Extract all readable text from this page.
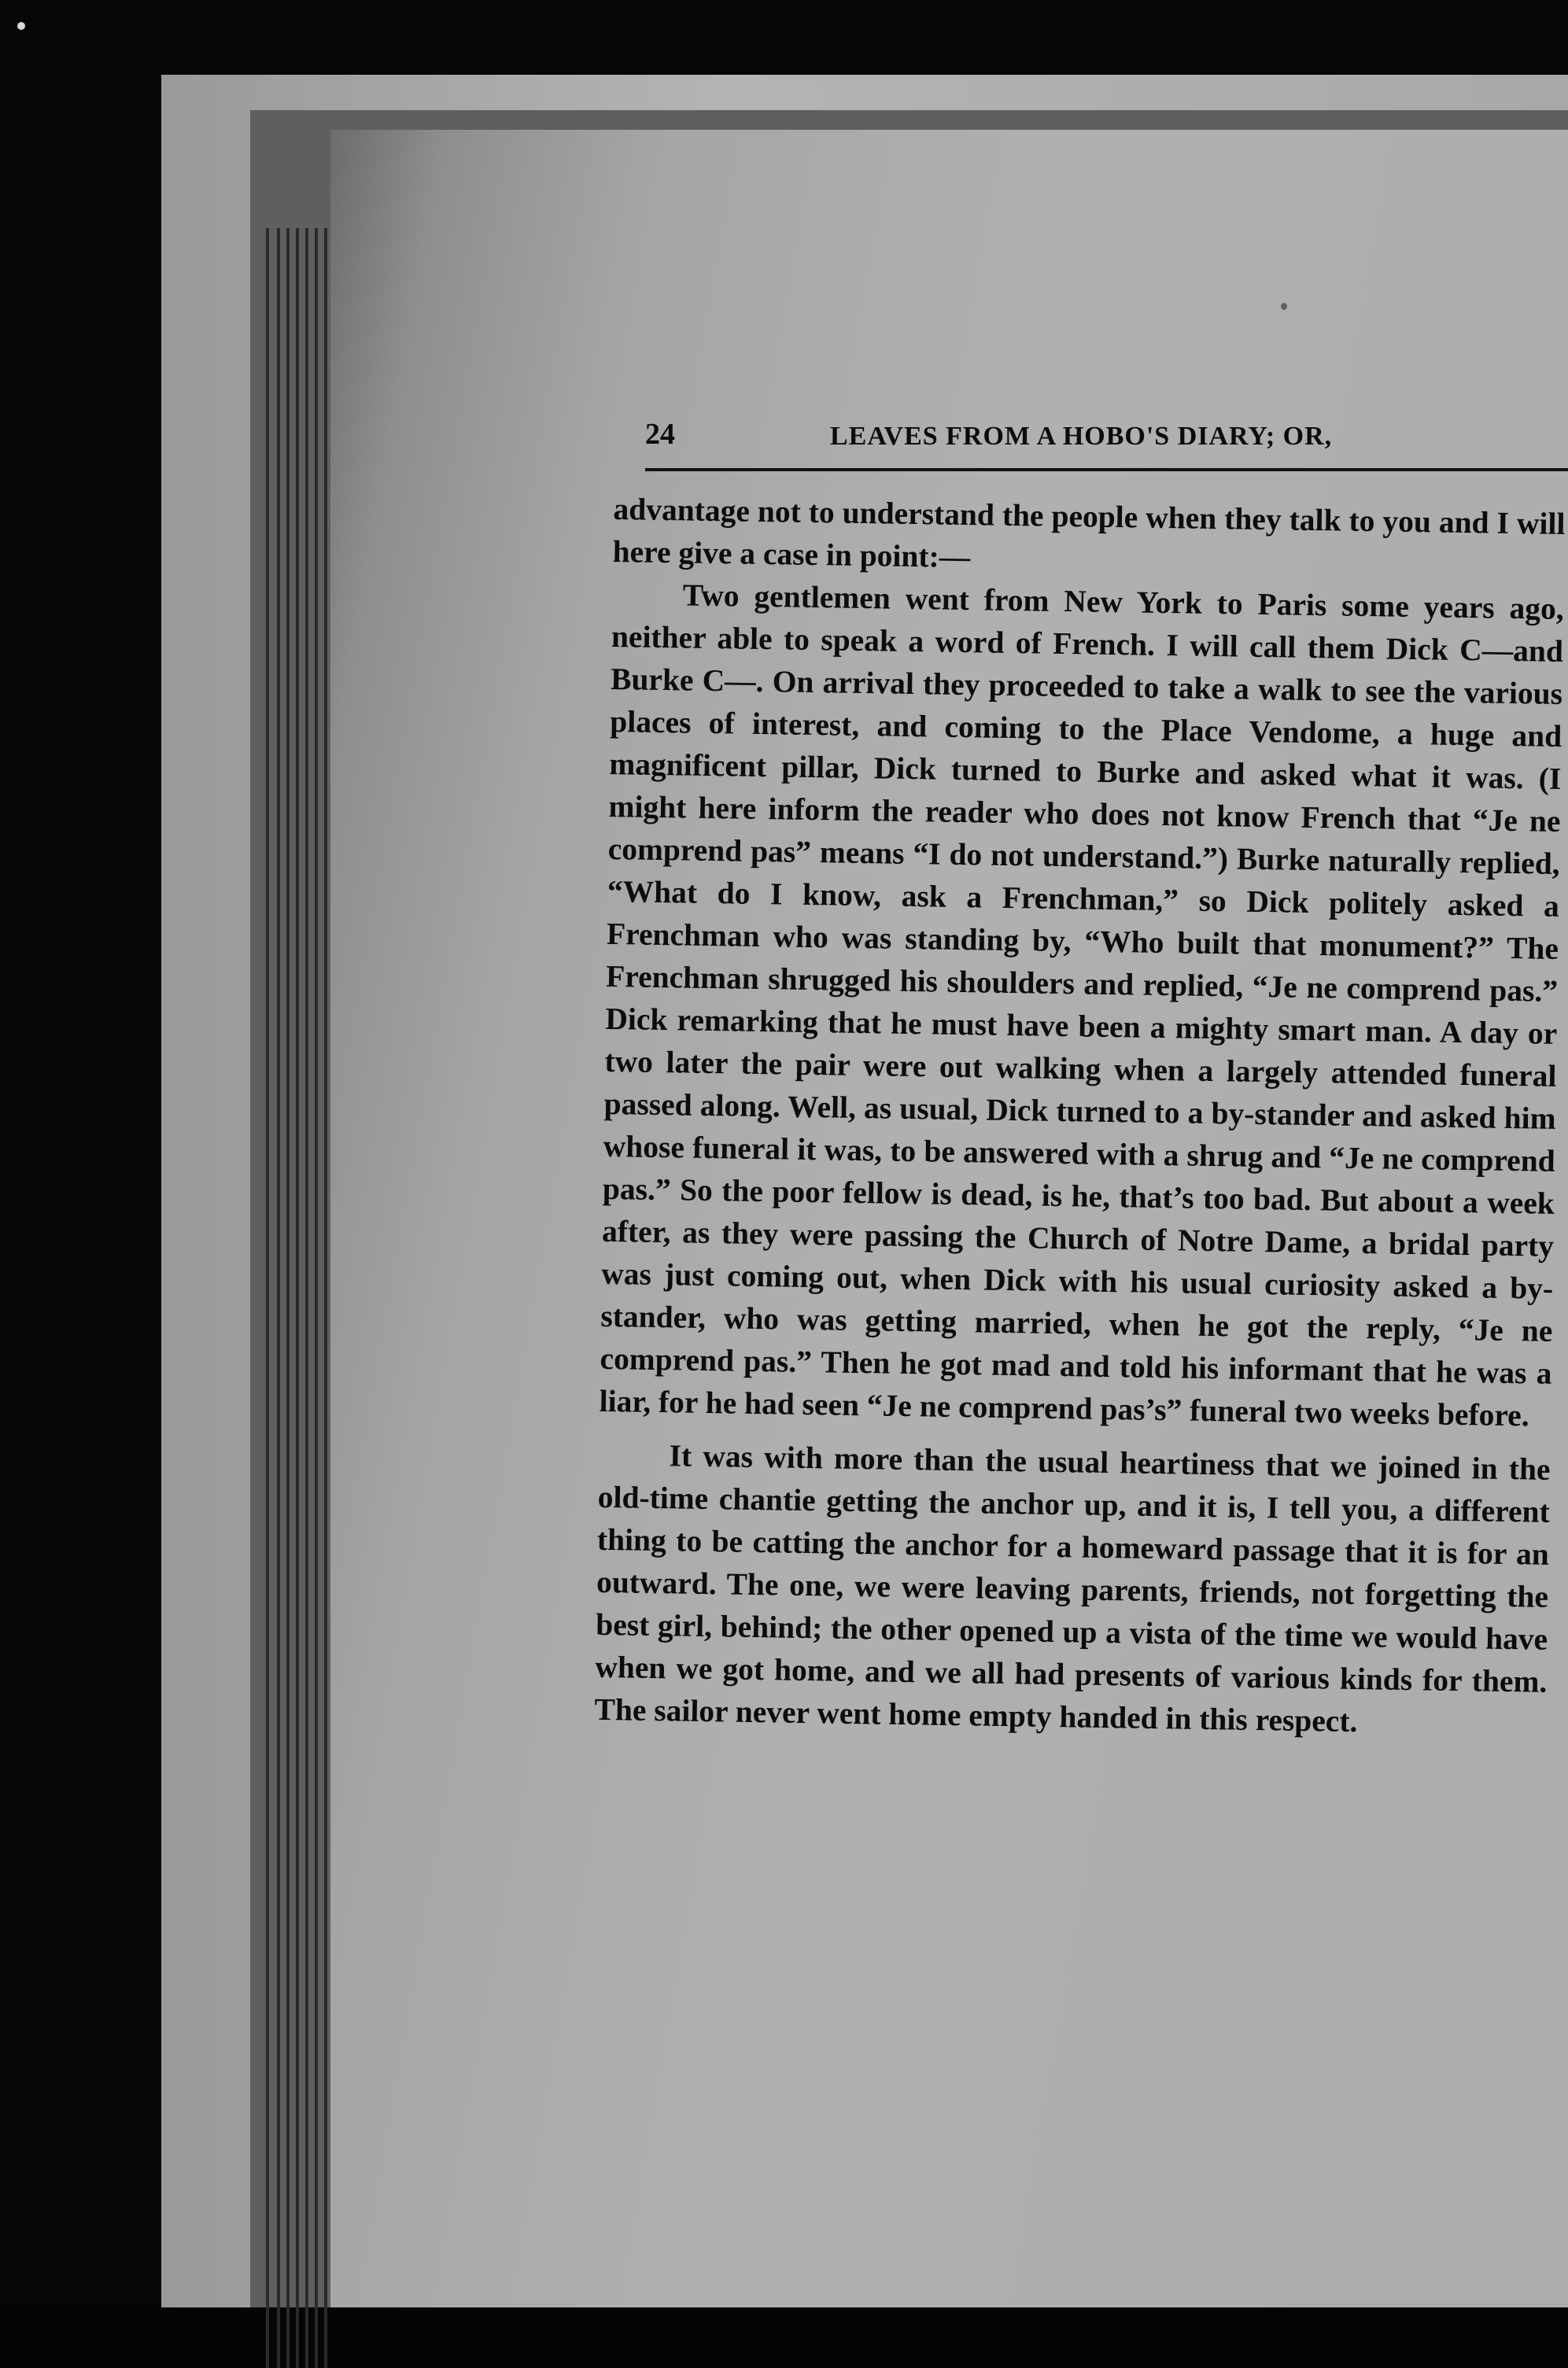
24	LEAVES FROM A HOBO'S DIARY; OR,

advantage not to understand the people when they talk to you and I will here give a case in point:—

Two gentlemen went from New York to Paris some years ago, neither able to speak a word of French. I will call them Dick C—and Burke C—. On arrival they proceeded to take a walk to see the various places of interest, and coming to the Place Vendome, a huge and magnificent pillar, Dick turned to Burke and asked what it was. (I might here inform the reader who does not know French that “Je ne comprend pas” means “I do not understand.”) Burke naturally replied, “What do I know, ask a Frenchman,” so Dick politely asked a Frenchman who was standing by, “Who built that monument?” The Frenchman shrugged his shoulders and replied, “Je ne comprend pas.” Dick remarking that he must have been a mighty smart man. A day or two later the pair were out walking when a largely attended funeral passed along. Well, as usual, Dick turned to a by-stander and asked him whose funeral it was, to be answered with a shrug and “Je ne comprend pas.” So the poor fellow is dead, is he, that’s too bad. But about a week after, as they were passing the Church of Notre Dame, a bridal party was just coming out, when Dick with his usual curiosity asked a by-stander, who was getting married, when he got the reply, “Je ne comprend pas.” Then he got mad and told his informant that he was a liar, for he had seen “Je ne comprend pas’s” funeral two weeks before.

It was with more than the usual heartiness that we joined in the old-time chantie getting the anchor up, and it is, I tell you, a different thing to be catting the anchor for a homeward passage that it is for an outward. The one, we were leaving parents, friends, not forgetting the best girl, behind; the other opened up a vista of the time we would have when we got home, and we all had presents of various kinds for them. The sailor never went home empty handed in this respect.
